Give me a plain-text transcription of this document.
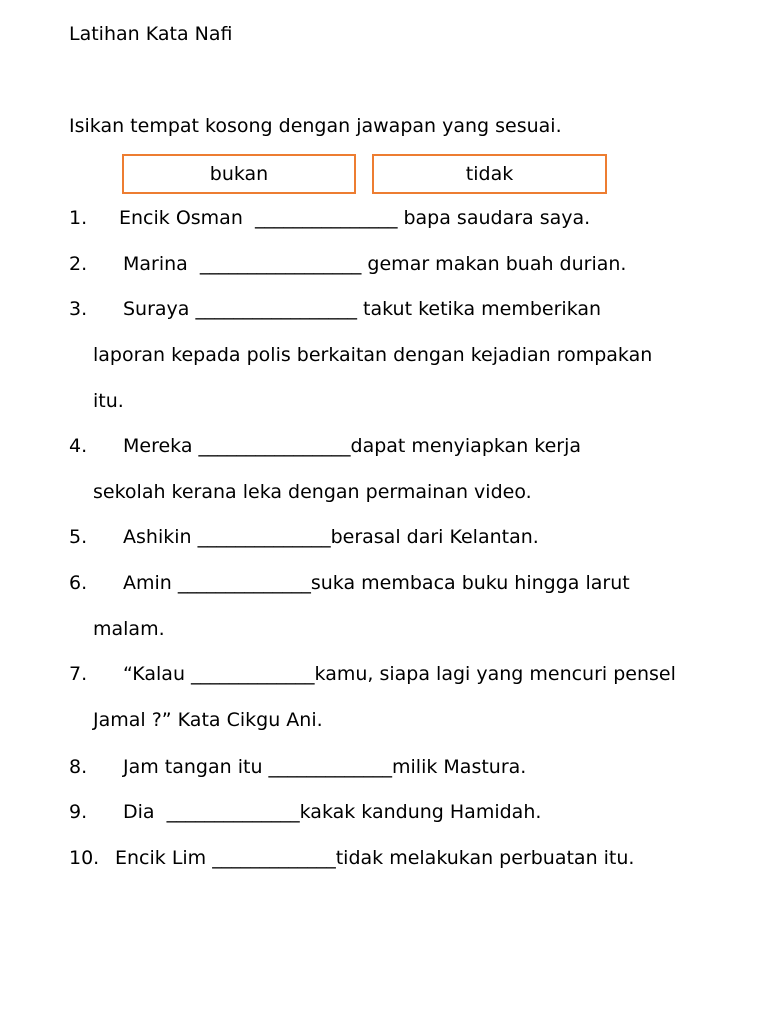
Latihan Kata Nafi
Isikan tempat kosong dengan jawapan yang sesuai.
bukan	tidak
1. Encik Osman  _______________ bapa saudara saya.
2. Marina  _________________ gemar makan buah durian.
3. Suraya _________________ takut ketika memberikan
laporan kepada polis berkaitan dengan kejadian rompakan
itu.
4. Mereka ________________dapat menyiapkan kerja
sekolah kerana leka dengan permainan video.
5. Ashikin ______________berasal dari Kelantan.
6. Amin ______________suka membaca buku hingga larut
malam.
7. “Kalau _____________kamu, siapa lagi yang mencuri pensel
Jamal ?” Kata Cikgu Ani.
8. Jam tangan itu _____________milik Mastura.
9. Dia  ______________kakak kandung Hamidah.
10. Encik Lim _____________tidak melakukan perbuatan itu.
